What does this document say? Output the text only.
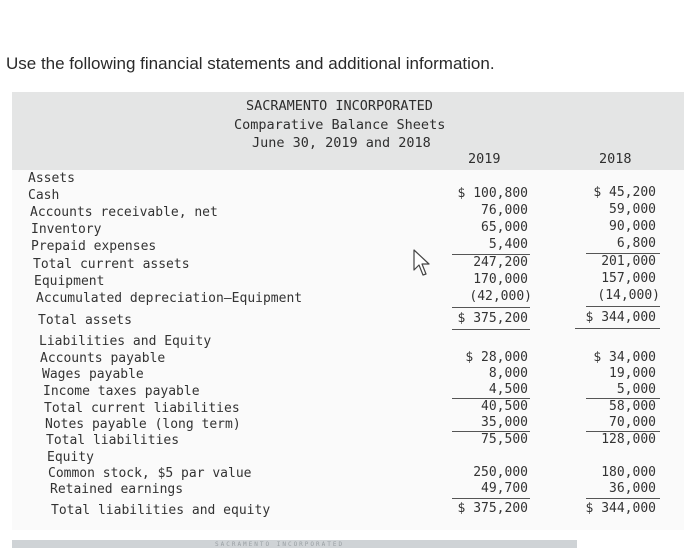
Use the following financial statements and additional information.
SACRAMENTO INCORPORATED
Comparative Balance Sheets
June 30, 2019 and 2018
2019	2018
Assets
Cash
Accounts receivable, net
Inventory
Prepaid expenses
Total current assets
Equipment
Accumulated depreciation—Equipment
Total assets
Liabilities and Equity
Accounts payable
Wages payable
Income taxes payable
Total current liabilities
Notes payable (long term)
Total liabilities
Equity
Common stock, $5 par value
Retained earnings
Total liabilities and equity
$ 100,800
76,000
65,000
5,400
247,200
170,000
(42,000)
$ 375,200
$ 28,000
8,000
4,500
40,500
35,000
75,500
250,000
49,700
$ 375,200
$ 45,200
59,000
90,000
6,800
201,000
157,000
(14,000)
$ 344,000
$ 34,000
19,000
5,000
58,000
70,000
128,000
180,000
36,000
$ 344,000
SACRAMENTO INCORPORATED
